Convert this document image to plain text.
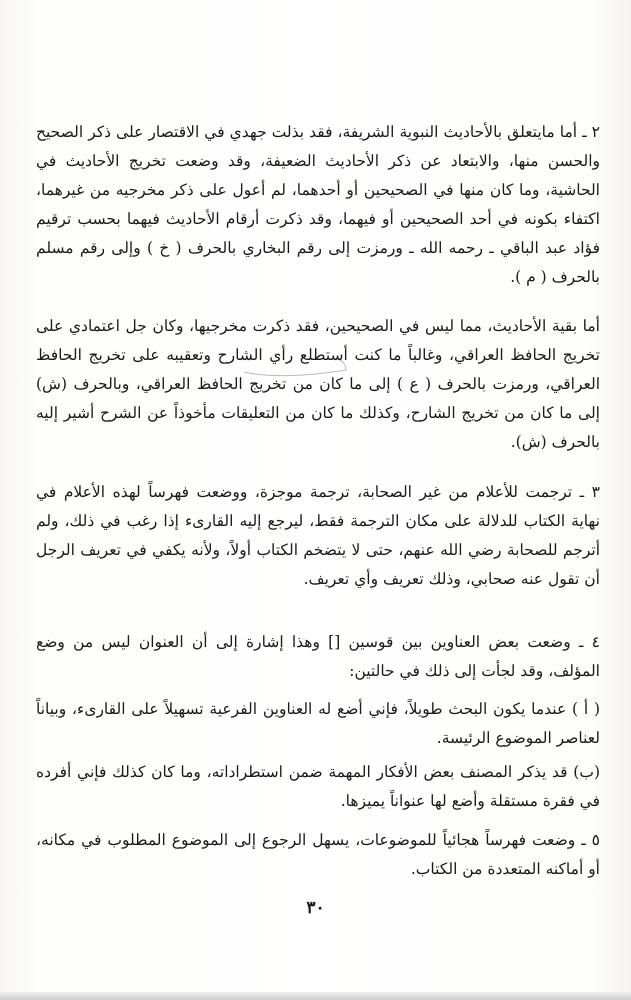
٢ ـ أما مايتعلق بالأحاديث النبوية الشريفة، فقد بذلت جهدي في الاقتصار على ذكر الصحيح والحسن منها، والابتعاد عن ذكر الأحاديث الضعيفة، وقد وضعت تخريج الأحاديث في الحاشية، وما كان منها في الصحيحين أو أحدهما، لم أعول على ذكر مخرجيه من غيرهما، اكتفاء بكونه في أحد الصحيحين أو فيهما، وقد ذكرت أرقام الأحاديث فيهما بحسب ترقيم فؤاد عبد الباقي ـ رحمه الله ـ ورمزت إلى رقم البخاري بالحرف ( خ ) وإلى رقم مسلم بالحرف ( م ).

أما بقية الأحاديث، مما ليس في الصحيحين، فقد ذكرت مخرجيها، وكان جل اعتمادي على تخريج الحافظ العراقي، وغالباً ما كنت أستطلع رأي الشارح وتعقيبه على تخريج الحافظ العراقي، ورمزت بالحرف ( ع ) إلى ما كان من تخريج الحافظ العراقي، وبالحرف (ش) إلى ما كان من تخريج الشارح، وكذلك ما كان من التعليقات مأخوذاً عن الشرح أشير إليه بالحرف (ش).

٣ ـ ترجمت للأعلام من غير الصحابة، ترجمة موجزة، ووضعت فهرساً لهذه الأعلام في نهاية الكتاب للدلالة على مكان الترجمة فقط، ليرجع إليه القارىء إذا رغب في ذلك، ولم أترجم للصحابة رضي الله عنهم، حتى لا يتضخم الكتاب أولاً، ولأنه يكفي في تعريف الرجل أن تقول عنه صحابي، وذلك تعريف وأي تعريف.

٤ ـ وضعت بعض العناوين بين قوسين [] وهذا إشارة إلى أن العنوان ليس من وضع المؤلف، وقد لجأت إلى ذلك في حالتين:

( أ ) عندما يكون البحث طويلاً، فإني أضع له العناوين الفرعية تسهيلاً على القارىء، وبياناً لعناصر الموضوع الرئيسة.

(ب) قد يذكر المصنف بعض الأفكار المهمة ضمن استطراداته، وما كان كذلك فإني أفرده في فقرة مستقلة وأضع لها عنواناً يميزها.

٥ ـ وضعت فهرساً هجائياً للموضوعات، يسهل الرجوع إلى الموضوع المطلوب في مكانه، أو أماكنه المتعددة من الكتاب.

٣٠
